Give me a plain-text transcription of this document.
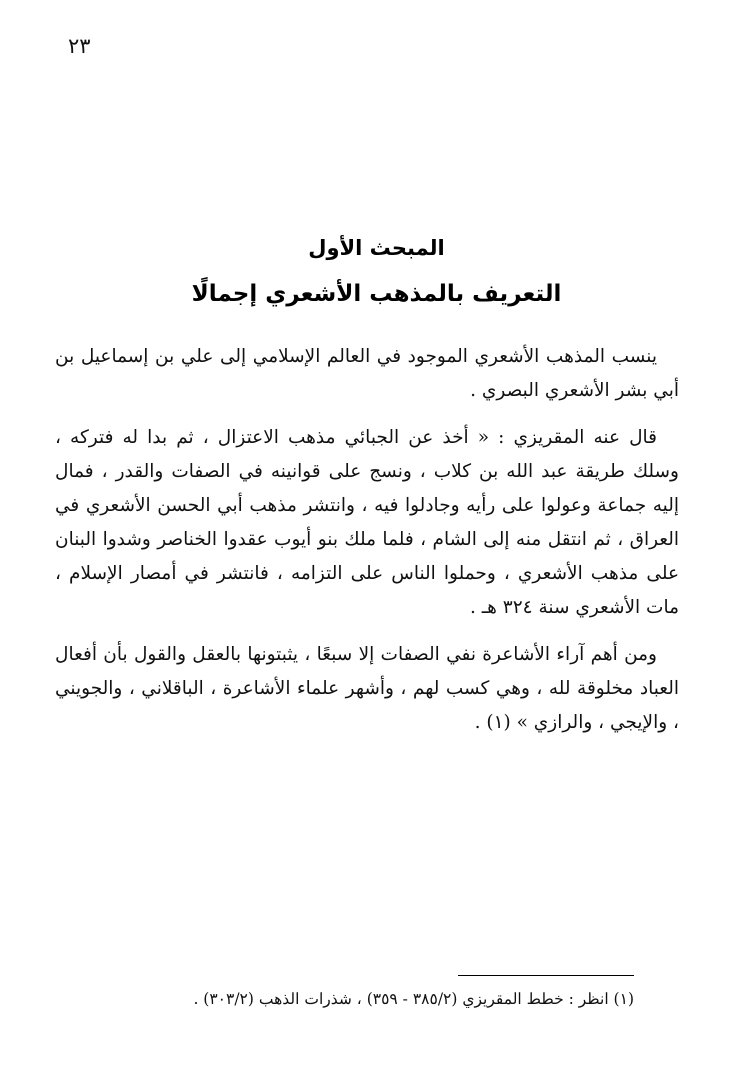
٢٣
المبحث الأول
التعريف بالمذهب الأشعري إجمالًا

ينسب المذهب الأشعري الموجود في العالم الإسلامي إلى علي بن إسماعيل بن أبي بشر الأشعري البصري .

قال عنه المقريزي : « أخذ عن الجبائي مذهب الاعتزال ، ثم بدا له فتركه ، وسلك طريقة عبد الله بن كلاب ، ونسج على قوانينه في الصفات والقدر ، فمال إليه جماعة وعولوا على رأيه وجادلوا فيه ، وانتشر مذهب أبي الحسن الأشعري في العراق ، ثم انتقل منه إلى الشام ، فلما ملك بنو أيوب عقدوا الخناصر وشدوا البنان على مذهب الأشعري ، وحملوا الناس على التزامه ، فانتشر في أمصار الإسلام ، مات الأشعري سنة ٣٢٤ هـ .

ومن أهم آراء الأشاعرة نفي الصفات إلا سبعًا ، يثبتونها بالعقل والقول بأن أفعال العباد مخلوقة لله ، وهي كسب لهم ، وأشهر علماء الأشاعرة ، الباقلاني ، والجويني ، والإيجي ، والرازي » (١) .

(١) انظر : خطط المقريزي (٣٨٥/٢ - ٣٥٩) ، شذرات الذهب (٣٠٣/٢) .
